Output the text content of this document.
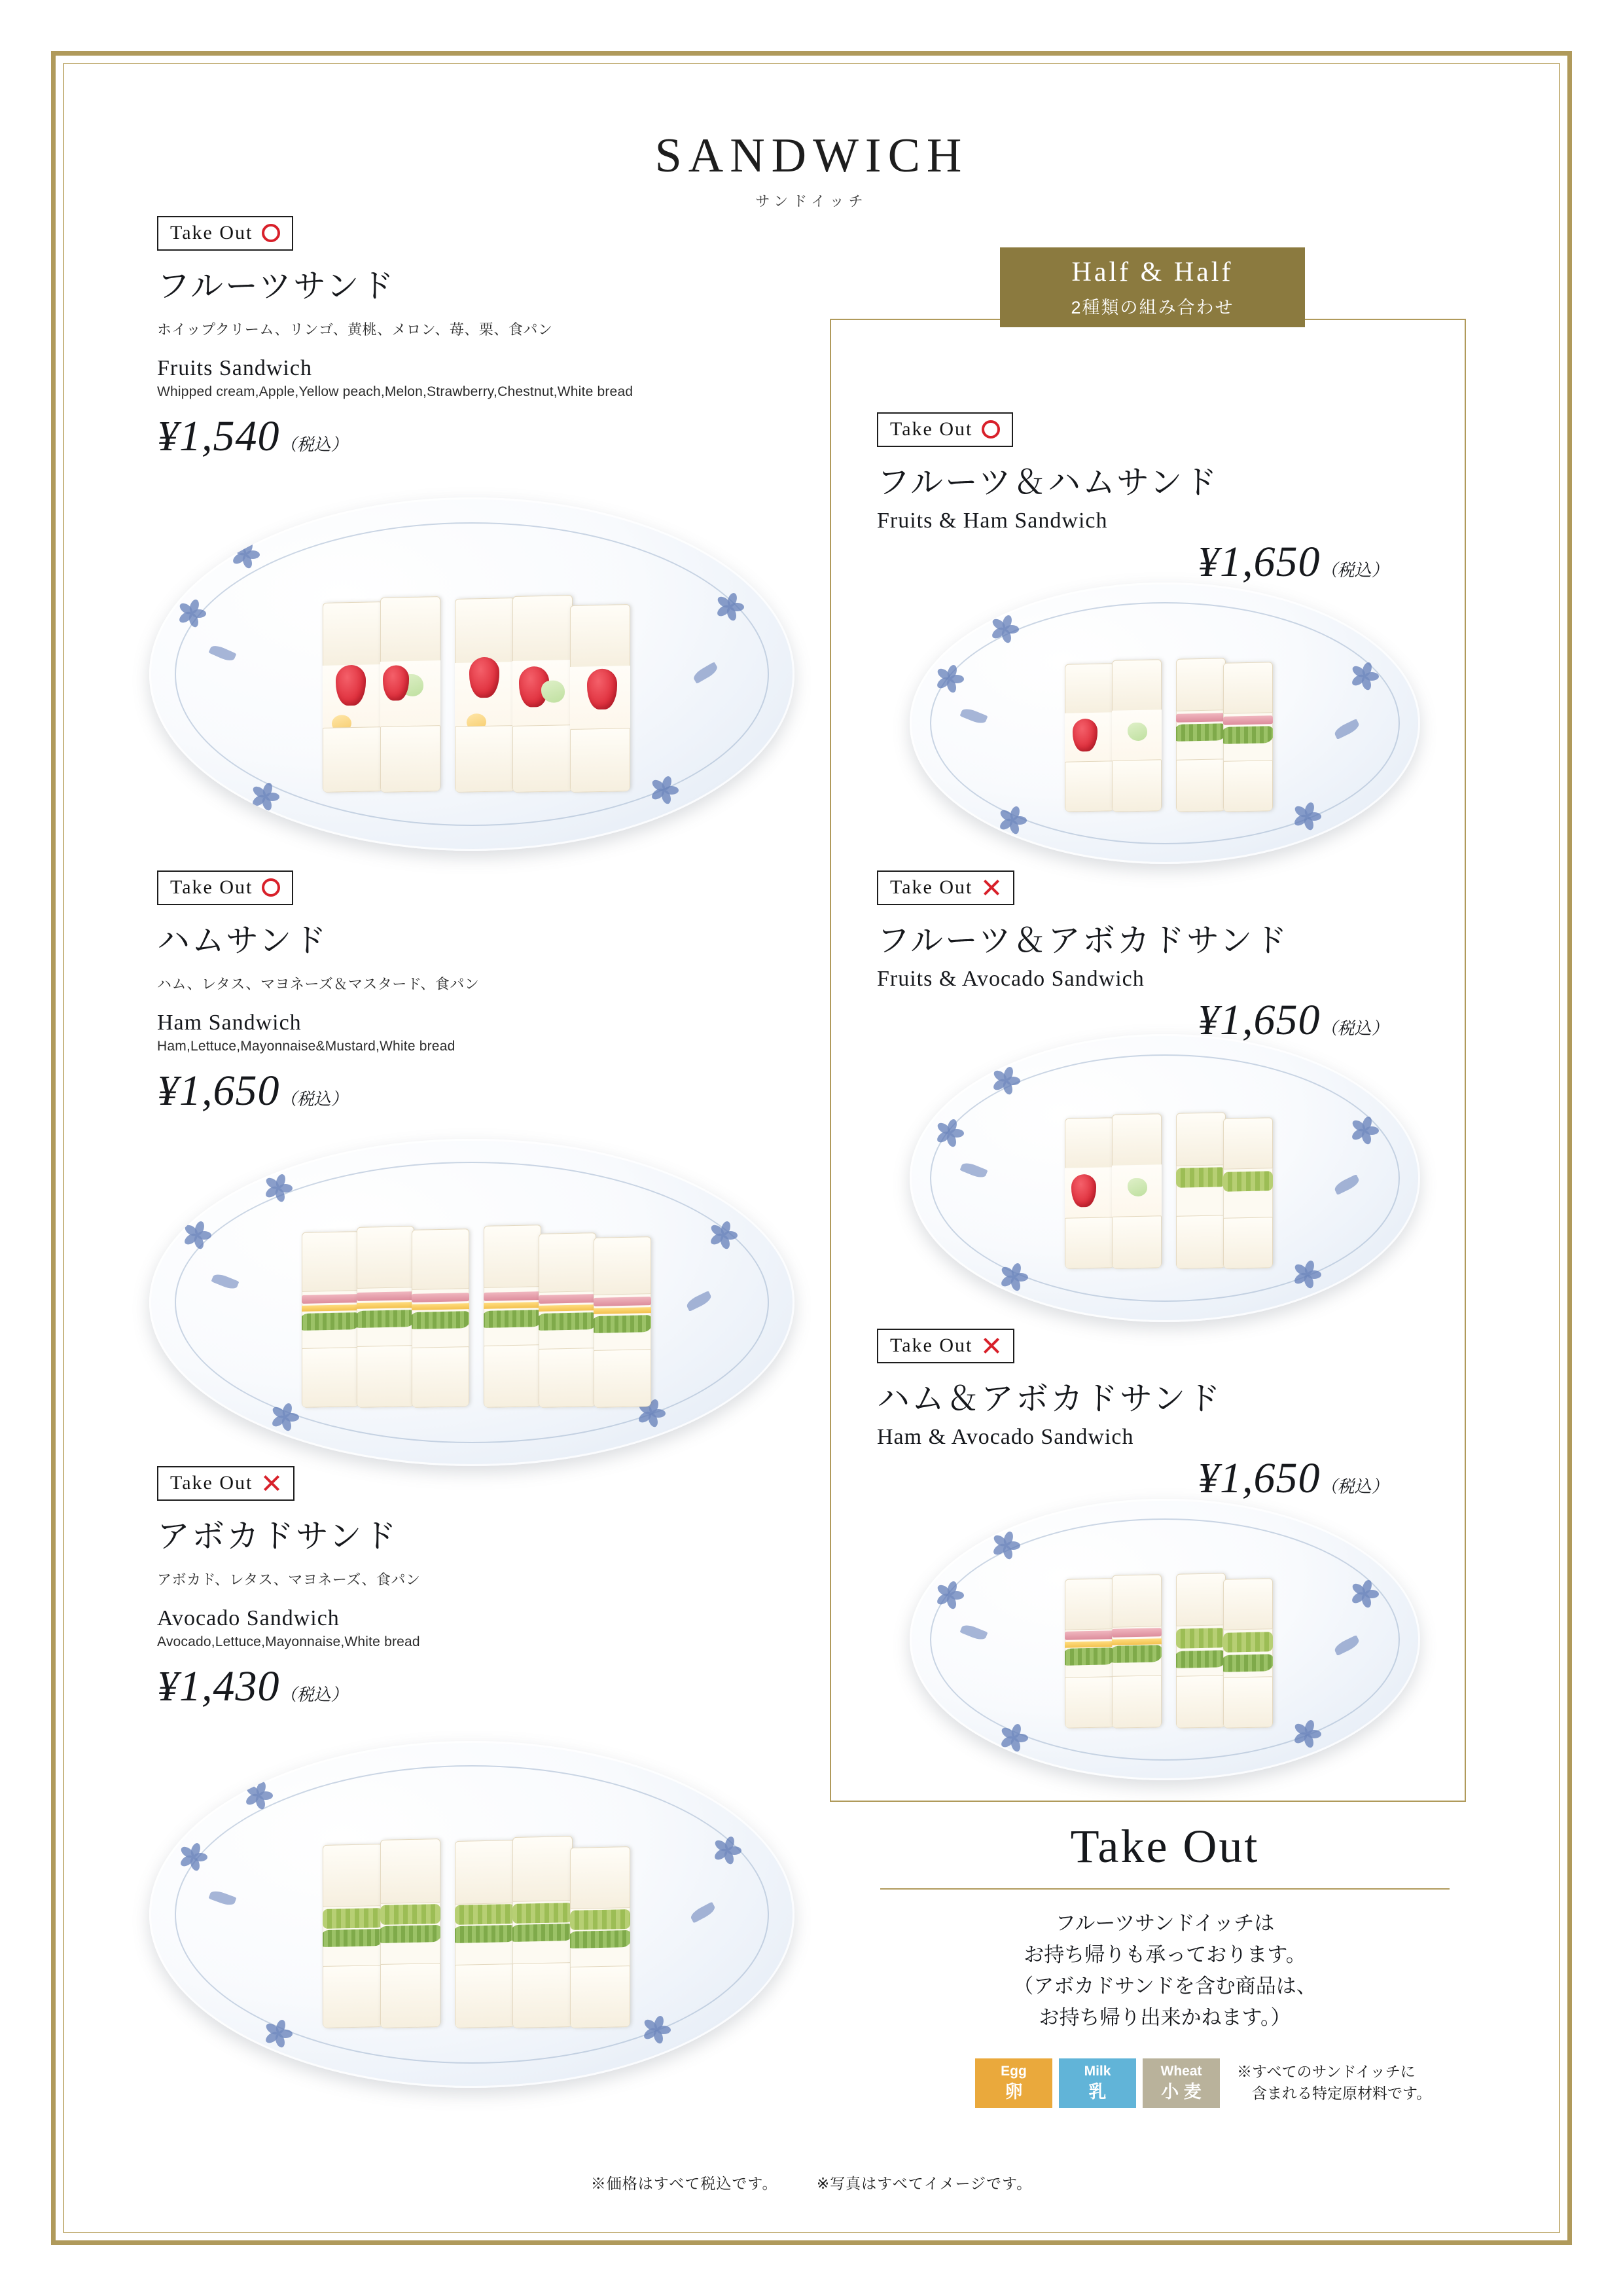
SANDWICH
サンドイッチ
Half & Half
2種類の組み合わせ
Take Out
フルーツサンド
ホイップクリーム、リンゴ、黄桃、メロン、苺、栗、食パン
Fruits Sandwich
Whipped cream,Apple,Yellow peach,Melon,Strawberry,Chestnut,White bread
¥1,540（税込）
Take Out
ハムサンド
ハム、レタス、マヨネーズ＆マスタード、食パン
Ham Sandwich
Ham,Lettuce,Mayonnaise&Mustard,White bread
¥1,650（税込）
Take Out
アボカドサンド
アボカド、レタス、マヨネーズ、食パン
Avocado Sandwich
Avocado,Lettuce,Mayonnaise,White bread
¥1,430（税込）
Take Out
フルーツ＆ハムサンド
Fruits & Ham Sandwich
¥1,650（税込）
Take Out
フルーツ＆アボカドサンド
Fruits & Avocado Sandwich
¥1,650（税込）
Take Out
ハム＆アボカドサンド
Ham & Avocado Sandwich
¥1,650（税込）
Take Out

フルーツサンドイッチは

お持ち帰りも承っております。

（アボカドサンドを含む商品は、

お持ち帰り出来かねます。）

Egg
卵
Milk
乳
Wheat
小 麦
※すべてのサンドイッチに
　含まれる特定原材料です。
※価格はすべて税込です。	※写真はすべてイメージです。
